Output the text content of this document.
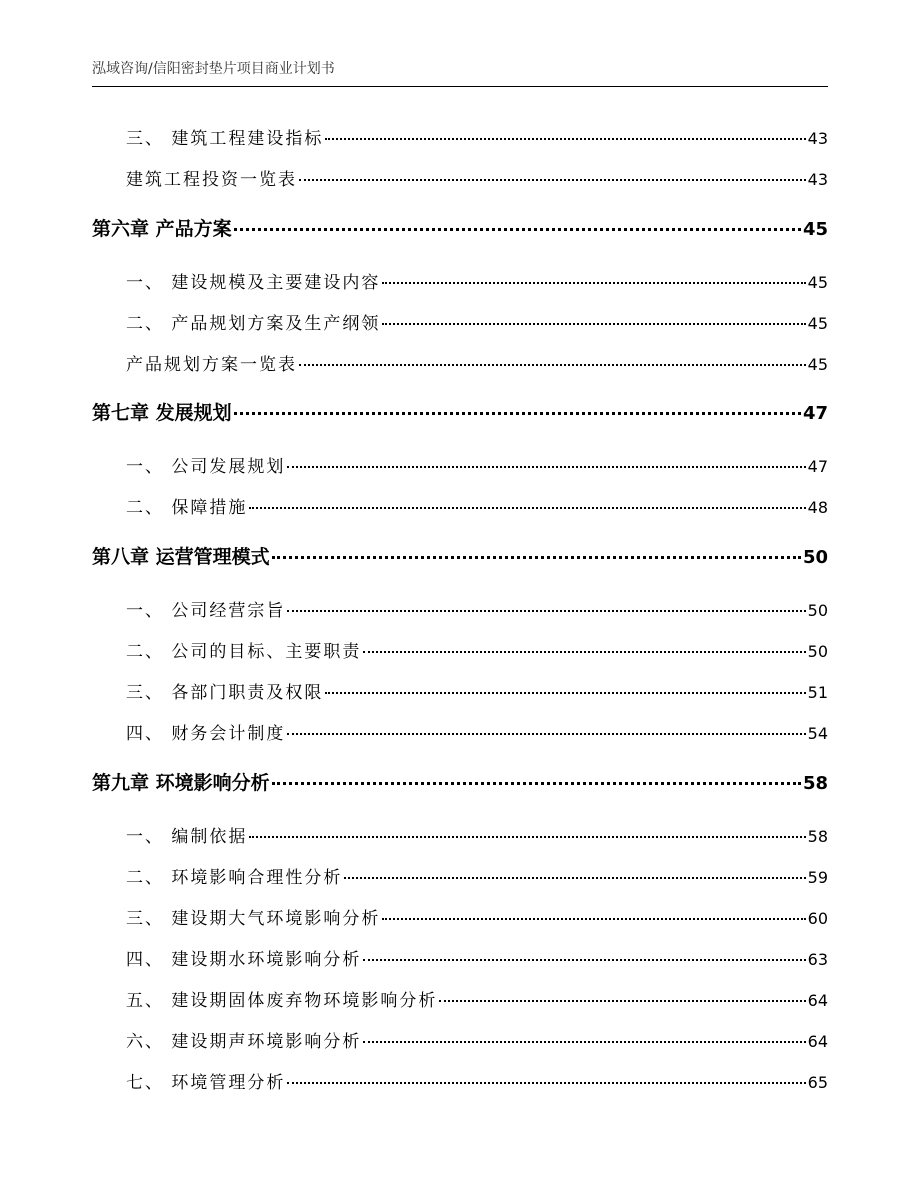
泓域咨询/信阳密封垫片项目商业计划书
三、 建筑工程建设指标	43
建筑工程投资一览表	43
第六章 产品方案	45
一、 建设规模及主要建设内容	45
二、 产品规划方案及生产纲领	45
产品规划方案一览表	45
第七章 发展规划	47
一、 公司发展规划	47
二、 保障措施	48
第八章 运营管理模式	50
一、 公司经营宗旨	50
二、 公司的目标、主要职责	50
三、 各部门职责及权限	51
四、 财务会计制度	54
第九章 环境影响分析	58
一、 编制依据	58
二、 环境影响合理性分析	59
三、 建设期大气环境影响分析	60
四、 建设期水环境影响分析	63
五、 建设期固体废弃物环境影响分析	64
六、 建设期声环境影响分析	64
七、 环境管理分析	65
